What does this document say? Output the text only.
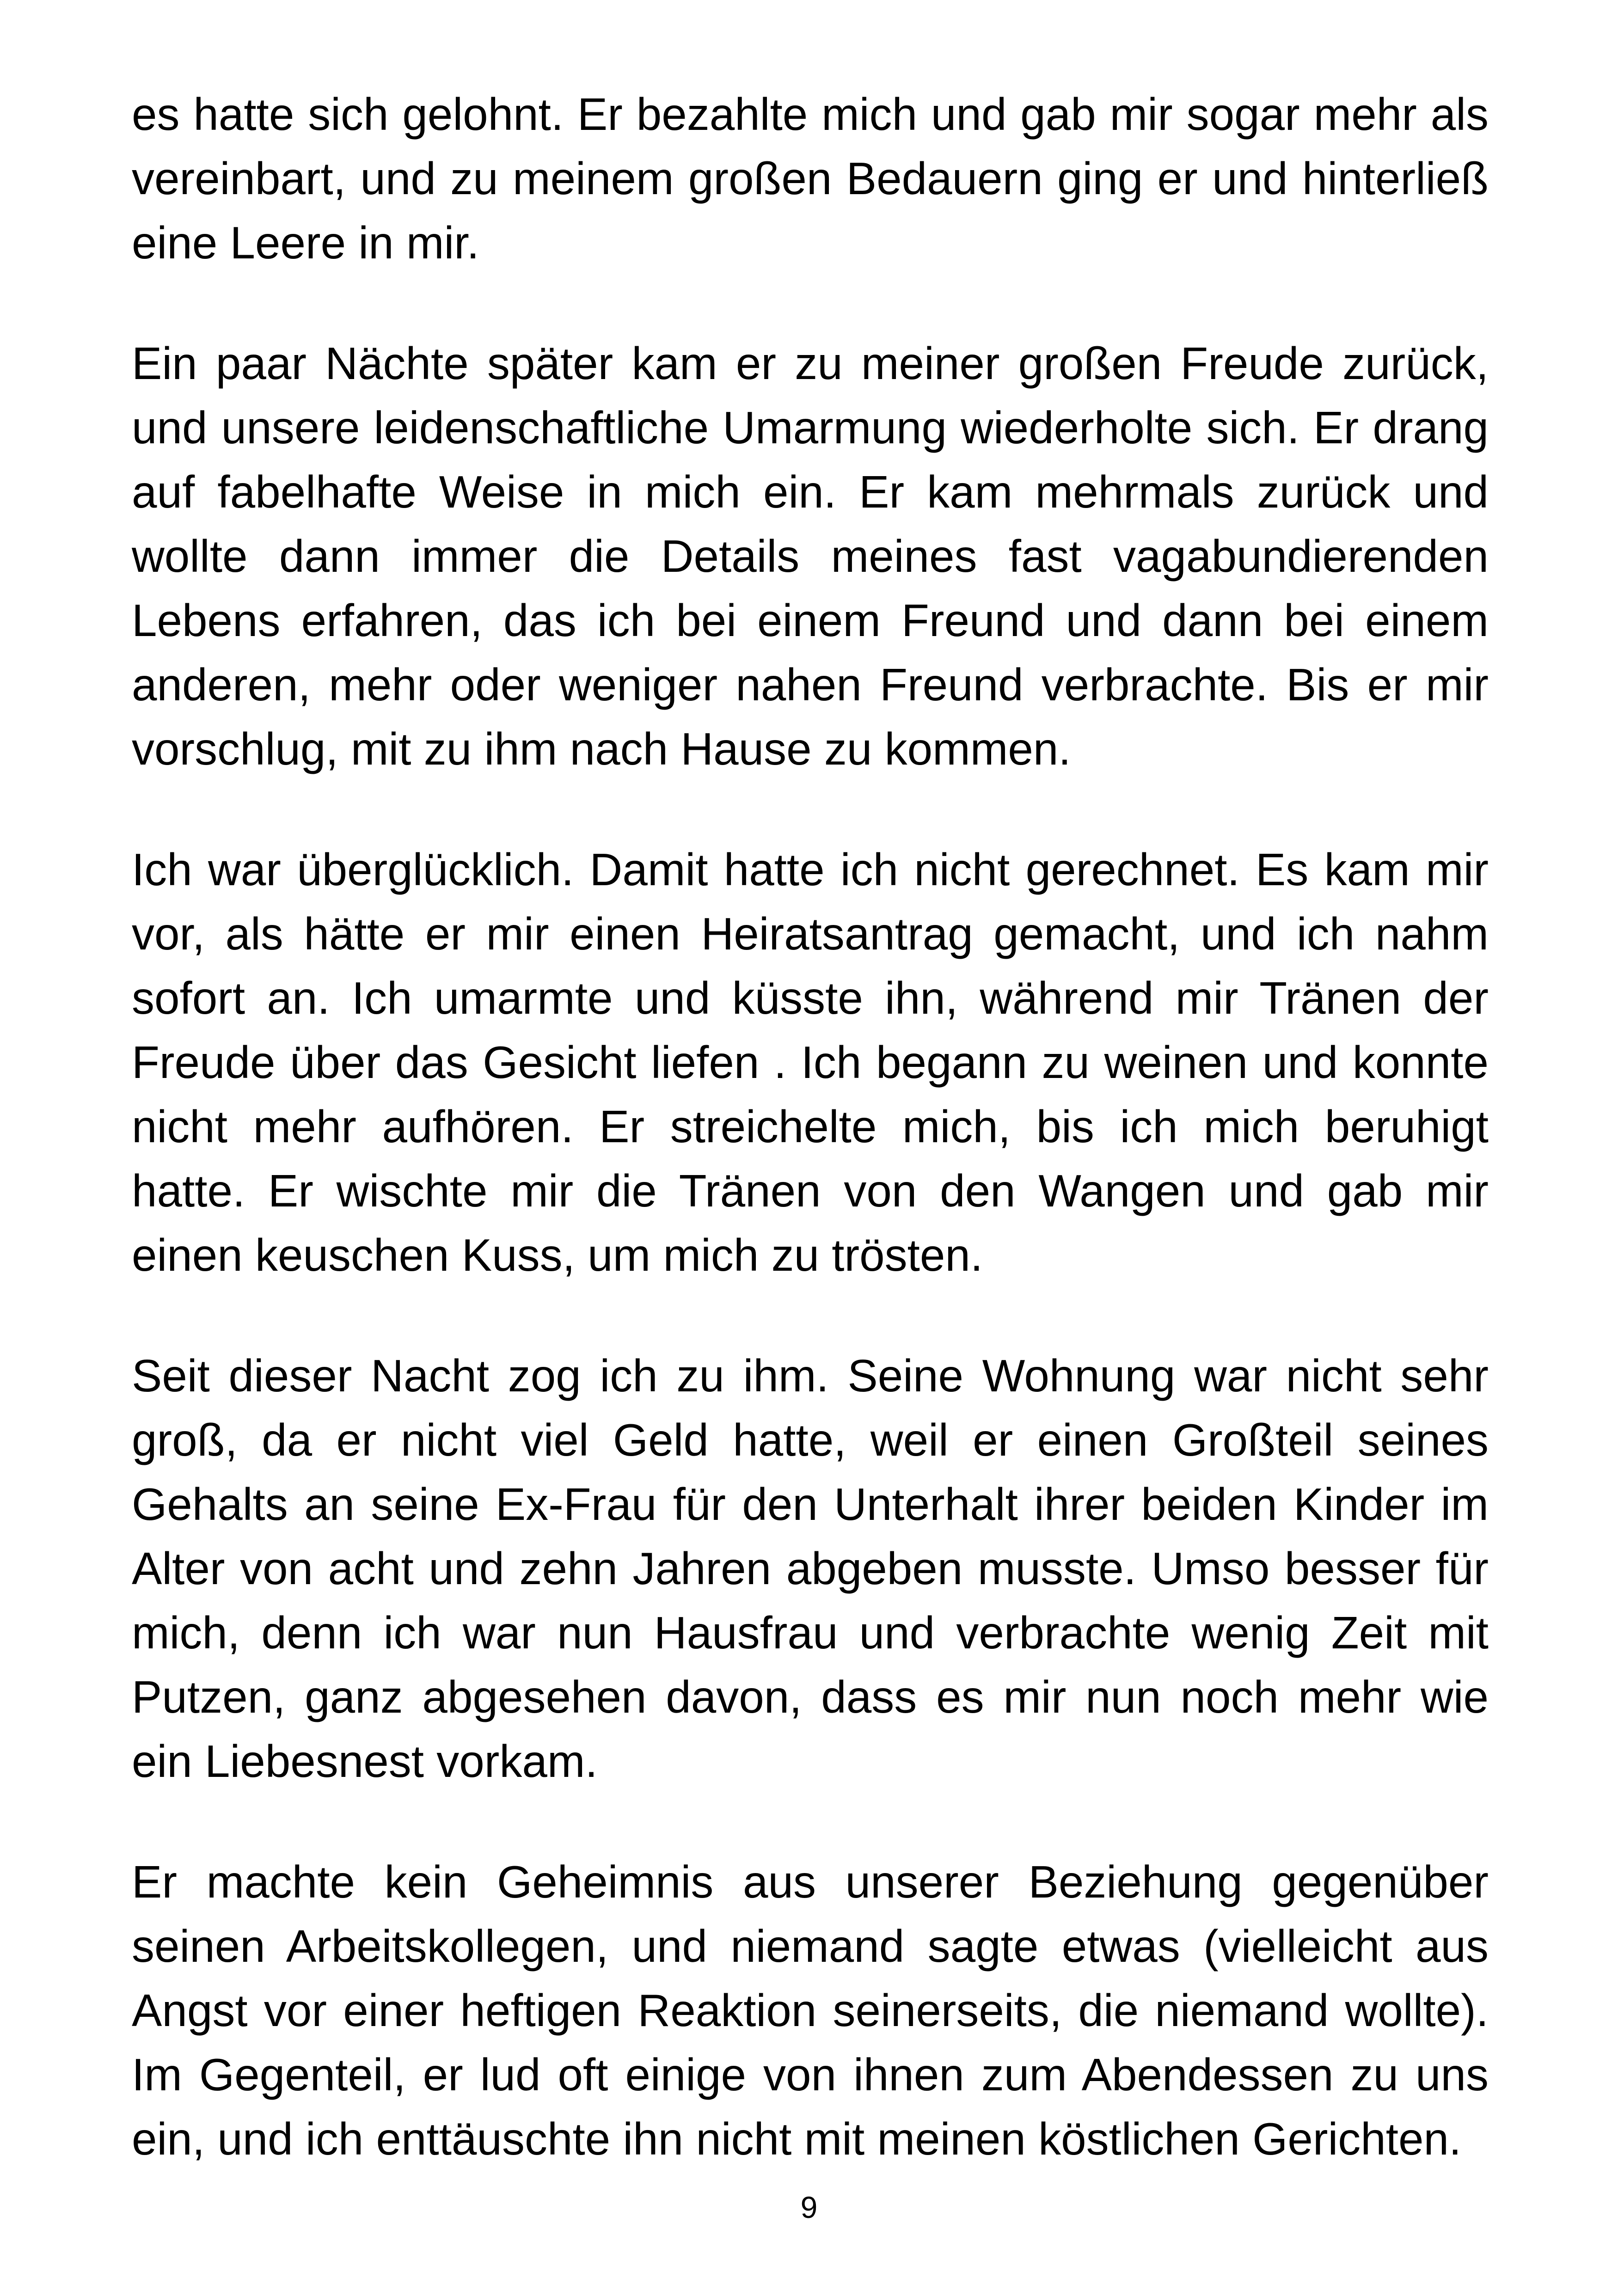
es hatte sich gelohnt. Er bezahlte mich und gab mir sogar mehr als vereinbart, und zu meinem großen Bedauern ging er und hinterließ eine Leere in mir.

Ein paar Nächte später kam er zu meiner großen Freude zurück, und unsere leidenschaftliche Umarmung wiederholte sich. Er drang auf fabelhafte Weise in mich ein. Er kam mehrmals zurück und wollte dann immer die Details meines fast vagabundierenden Lebens erfahren, das ich bei einem Freund und dann bei einem anderen, mehr oder weniger nahen Freund verbrachte. Bis er mir vorschlug, mit zu ihm nach Hause zu kommen.

Ich war überglücklich. Damit hatte ich nicht gerechnet. Es kam mir vor, als hätte er mir einen Heiratsantrag gemacht, und ich nahm sofort an. Ich umarmte und küsste ihn, während mir Tränen der Freude über das Gesicht liefen . Ich begann zu weinen und konnte nicht mehr aufhören. Er streichelte mich, bis ich mich beruhigt hatte. Er wischte mir die Tränen von den Wangen und gab mir einen keuschen Kuss, um mich zu trösten.

Seit dieser Nacht zog ich zu ihm. Seine Wohnung war nicht sehr groß, da er nicht viel Geld hatte, weil er einen Großteil seines Gehalts an seine Ex-Frau für den Unterhalt ihrer beiden Kinder im Alter von acht und zehn Jahren abgeben musste. Umso besser für mich, denn ich war nun Hausfrau und verbrachte wenig Zeit mit Putzen, ganz abgesehen davon, dass es mir nun noch mehr wie ein Liebesnest vorkam.

Er machte kein Geheimnis aus unserer Beziehung gegenüber seinen Arbeitskollegen, und niemand sagte etwas (vielleicht aus Angst vor einer heftigen Reaktion seinerseits, die niemand wollte). Im Gegenteil, er lud oft einige von ihnen zum Abendessen zu uns ein, und ich enttäuschte ihn nicht mit meinen köstlichen Gerichten.

9
